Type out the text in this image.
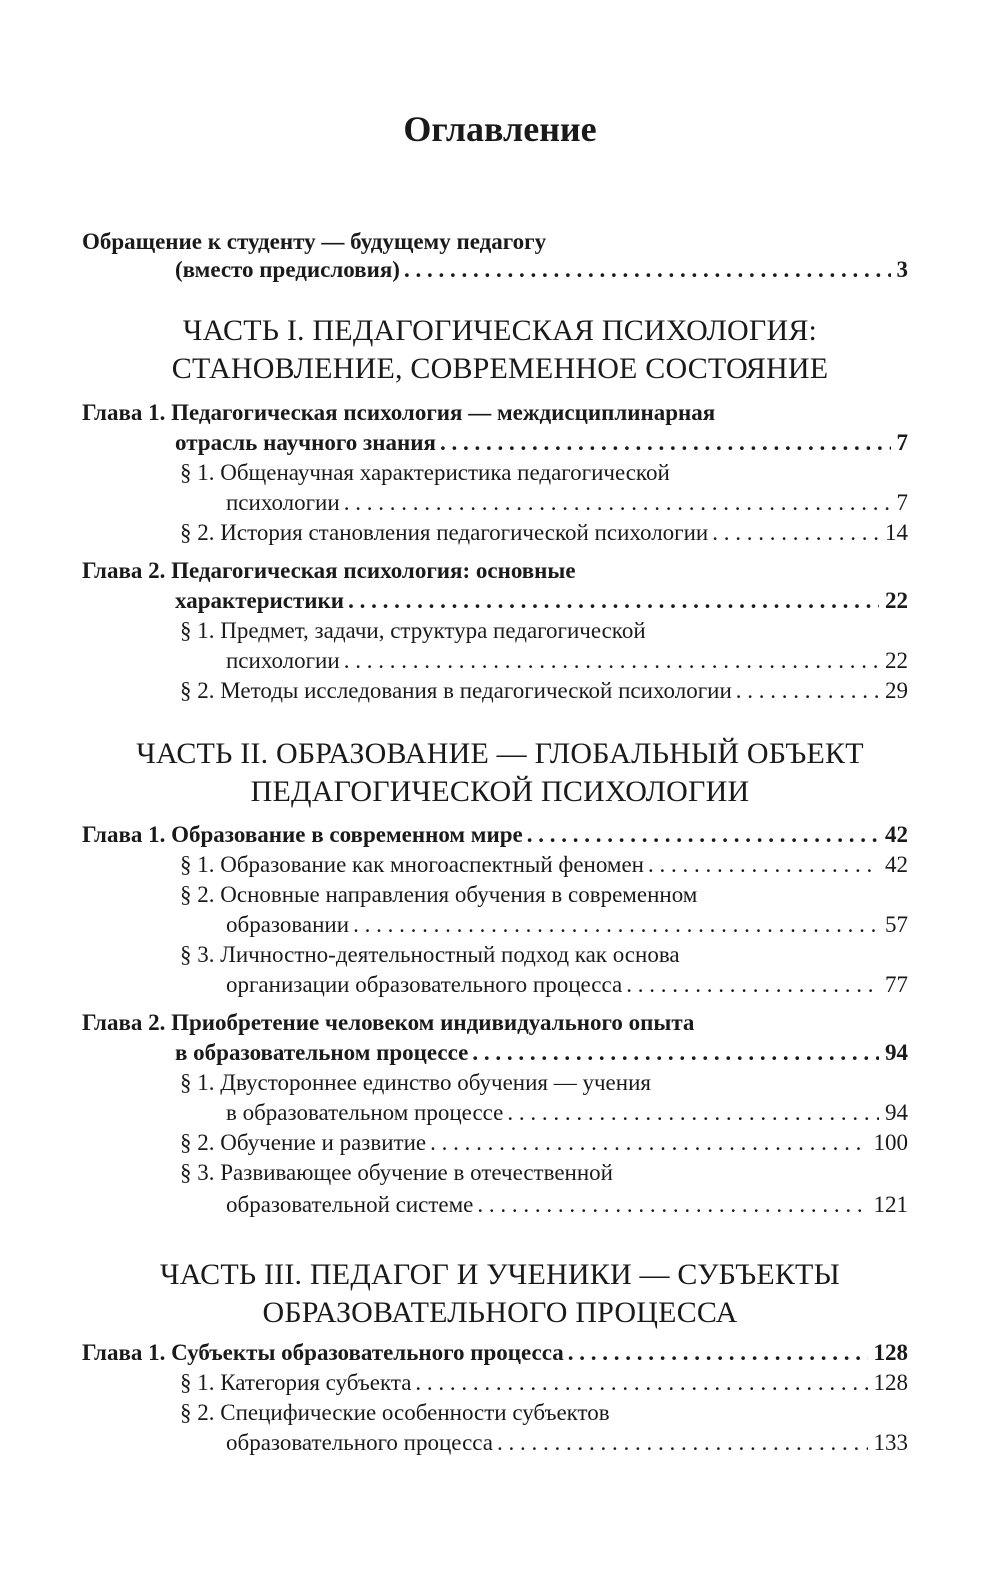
Оглавление
Обращение к студенту — будущему педагогу
(вместо предисловия) . . .	3
ЧАСТЬ I. ПЕДАГОГИЧЕСКАЯ ПСИХОЛОГИЯ:
СТАНОВЛЕНИЕ, СОВРЕМЕННОЕ СОСТОЯНИЕ
Глава 1. Педагогическая психология — междисциплинарная
отрасль научного знания . . .	7
§ 1. Общенаучная характеристика педагогической
психологии . . .	7
§ 2. История становления педагогической психологии . . .	14
Глава 2. Педагогическая психология: основные
характеристики . . .	22
§ 1. Предмет, задачи, структура педагогической
психологии . . .	22
§ 2. Методы исследования в педагогической психологии . . .	29
ЧАСТЬ II. ОБРАЗОВАНИЕ — ГЛОБАЛЬНЫЙ ОБЪЕКТ
ПЕДАГОГИЧЕСКОЙ ПСИХОЛОГИИ
Глава 1. Образование в современном мире . . .	42
§ 1. Образование как многоаспектный феномен . . .	42
§ 2. Основные направления обучения в современном
образовании . . .	57
§ 3. Личностно-деятельностный подход как основа
организации образовательного процесса . . .	77
Глава 2. Приобретение человеком индивидуального опыта
в образовательном процессе . . .	94
§ 1. Двустороннее единство обучения — учения
в образовательном процессе . . .	94
§ 2. Обучение и развитие . . .	100
§ 3. Развивающее обучение в отечественной
образовательной системе . . .	121
ЧАСТЬ III. ПЕДАГОГ И УЧЕНИКИ — СУБЪЕКТЫ
ОБРАЗОВАТЕЛЬНОГО ПРОЦЕССА
Глава 1. Субъекты образовательного процесса . . .	128
§ 1. Категория субъекта . . .	128
§ 2. Специфические особенности субъектов
образовательного процесса . . .	133
